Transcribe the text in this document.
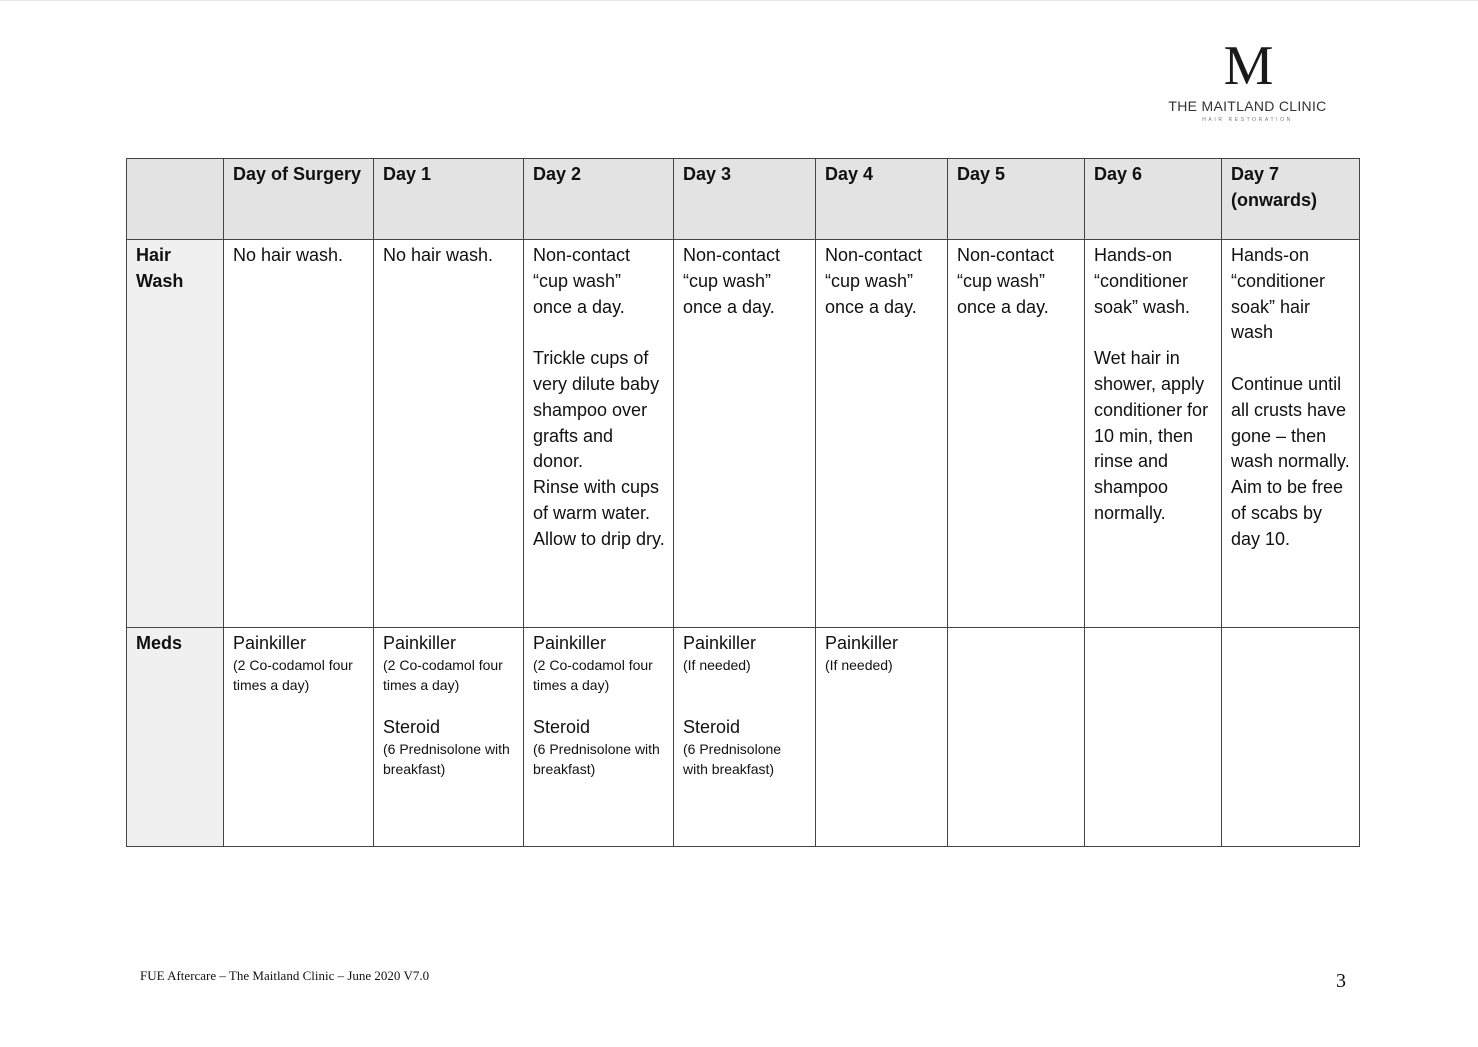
M
THE MAITLAND CLINIC
HAIR RESTORATION
	Day of Surgery	Day 1	Day 2	Day 3	Day 4	Day 5	Day 6	Day 7 (onwards)
Hair Wash	No hair wash.	No hair wash.	Non-contact “cup wash” once a day.
Trickle cups of very dilute baby shampoo over grafts and donor.
Rinse with cups of warm water.
Allow to drip dry.	Non-contact “cup wash” once a day.	Non-contact “cup wash” once a day.	Non-contact “cup wash” once a day.	Hands-on “conditioner soak” wash.
Wet hair in shower, apply conditioner for 10 min, then rinse and shampoo normally.	Hands-on “conditioner soak” hair wash
Continue until all crusts have gone – then wash normally.
Aim to be free of scabs by day 10.

Meds	Painkiller
(2 Co-codamol four times a day)	Painkiller
(2 Co-codamol four times a day)
Steroid
(6 Prednisolone with breakfast)	Painkiller
(2 Co-codamol four times a day)
Steroid
(6 Prednisolone with breakfast)	Painkiller
(If needed)
Steroid
(6 Prednisolone with breakfast)	Painkiller
(If needed)			

FUE Aftercare – The Maitland Clinic – June 2020 V7.0	3
